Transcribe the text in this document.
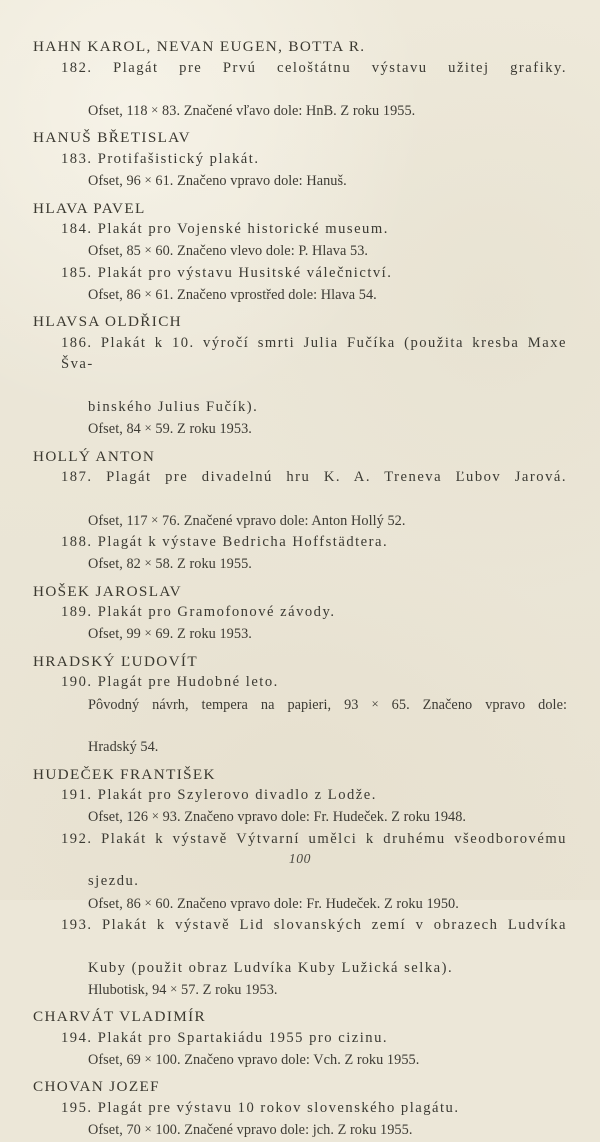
HAHN KAROL, NEVAN EUGEN, BOTTA R.
182. Plagát pre Prvú celoštátnu výstavu užitej grafiky.
Ofset, 118 × 83. Značené vľavo dole: HnB. Z roku 1955.
HANUŠ BŘETISLAV
183. Protifašistický plakát.
Ofset, 96 × 61. Značeno vpravo dole: Hanuš.
HLAVA PAVEL
184. Plakát pro Vojenské historické museum.
Ofset, 85 × 60. Značeno vlevo dole: P. Hlava 53.
185. Plakát pro výstavu Husitské válečnictví.
Ofset, 86 × 61. Značeno vprostřed dole: Hlava 54.
HLAVSA OLDŘICH
186. Plakát k 10. výročí smrti Julia Fučíka (použita kresba Maxe Šva-
binského Julius Fučík).
Ofset, 84 × 59. Z roku 1953.
HOLLÝ ANTON
187. Plagát pre divadelnú hru K. A. Treneva Ľubov Jarová.
Ofset, 117 × 76. Značené vpravo dole: Anton Hollý 52.
188. Plagát k výstave Bedricha Hoffstädtera.
Ofset, 82 × 58. Z roku 1955.
HOŠEK JAROSLAV
189. Plakát pro Gramofonové závody.
Ofset, 99 × 69. Z roku 1953.
HRADSKÝ ĽUDOVÍT
190. Plagát pre Hudobné leto.
Pôvodný návrh, tempera na papieri, 93 × 65. Značeno vpravo dole:
Hradský 54.
HUDEČEK FRANTIŠEK
191. Plakát pro Szylerovo divadlo z Lodže.
Ofset, 126 × 93. Značeno vpravo dole: Fr. Hudeček. Z roku 1948.
192. Plakát k výstavě Výtvarní umělci k druhému všeodborovému
sjezdu.
Ofset, 86 × 60. Značeno vpravo dole: Fr. Hudeček. Z roku 1950.
193. Plakát k výstavě Lid slovanských zemí v obrazech Ludvíka
Kuby (použit obraz Ludvíka Kuby Lužická selka).
Hlubotisk, 94 × 57. Z roku 1953.
CHARVÁT VLADIMÍR
194. Plakát pro Spartakiádu 1955 pro cizinu.
Ofset, 69 × 100. Značeno vpravo dole: Vch. Z roku 1955.
CHOVAN JOZEF
195. Plagát pre výstavu 10 rokov slovenského plagátu.
Ofset, 70 × 100. Značené vpravo dole: jch. Z roku 1955.
100
